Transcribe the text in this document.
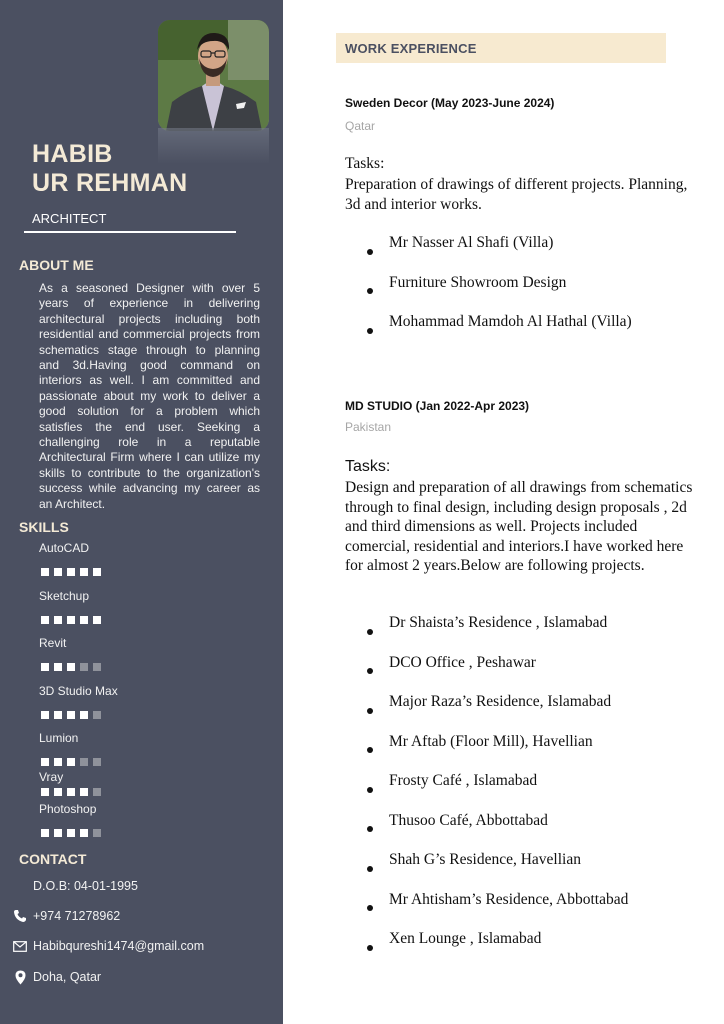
HABIB
UR REHMAN
ARCHITECT
ABOUT ME
As a seasoned Designer with over 5 years of experience in delivering architectural projects including both residential and commercial projects from schematics stage through to planning and 3d.Having good command on interiors as well. I am committed and passionate about my work to deliver a good solution for a problem which satisfies the end user. Seeking a challenging role in a reputable Architectural Firm where I can utilize my skills to contribute to the organization's success while advancing my career as an Architect.
SKILLS
AutoCAD
Sketchup
Revit
3D Studio Max
Lumion
Vray
Photoshop
CONTACT
D.O.B: 04-01-1995
+974 71278962
Habibqureshi1474@gmail.com
Doha, Qatar
WORK EXPERIENCE
Sweden Decor (May 2023-June 2024)
Qatar
Tasks:
Preparation of drawings of different projects. Planning, 3d and interior works.
Mr Nasser Al Shafi (Villa)
Furniture Showroom Design
Mohammad Mamdoh Al Hathal (Villa)
MD STUDIO (Jan 2022-Apr 2023)
Pakistan
Tasks:
Design and preparation of all drawings from schematics through to final design, including design proposals , 2d and third dimensions as well. Projects included comercial, residential and interiors.I have worked here for almost 2 years.Below are following projects.
Dr Shaista’s Residence , Islamabad
DCO Office , Peshawar
Major Raza’s Residence, Islamabad
Mr Aftab (Floor Mill), Havellian
Frosty Café , Islamabad
Thusoo Café, Abbottabad
Shah G’s Residence, Havellian
Mr Ahtisham’s Residence, Abbottabad
Xen Lounge , Islamabad
